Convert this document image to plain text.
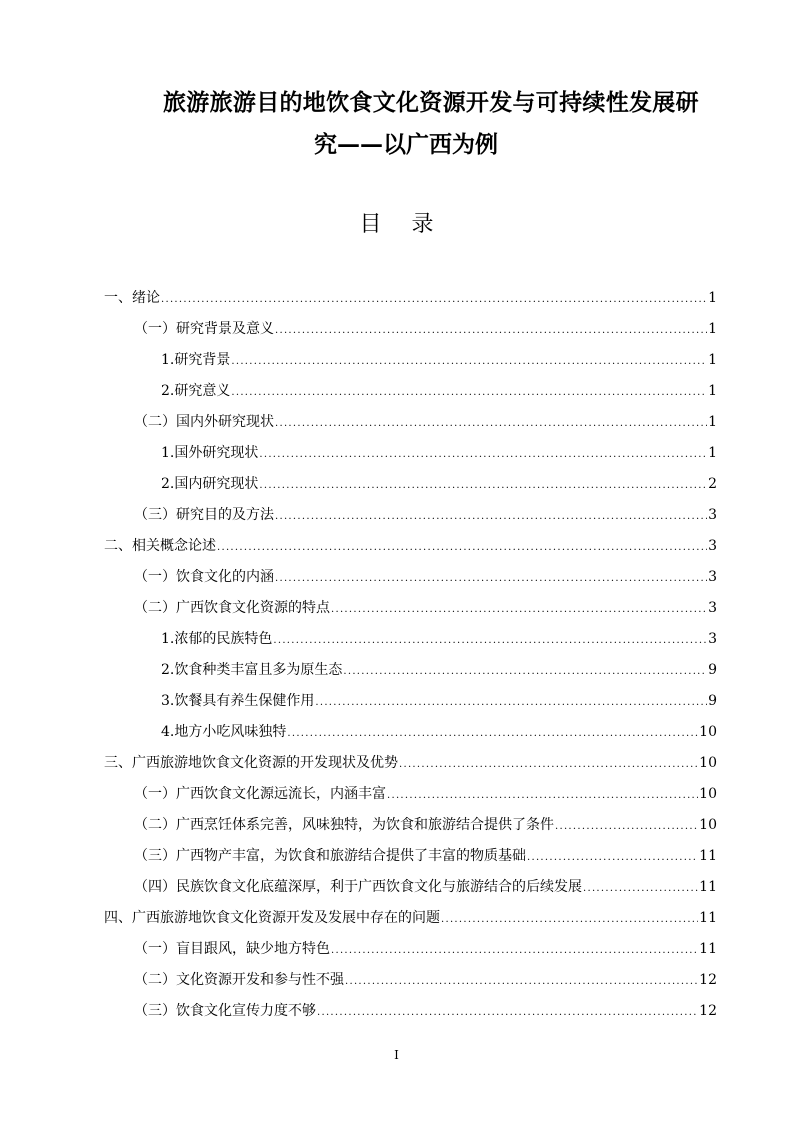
旅游旅游目的地饮食文化资源开发与可持续性发展研
究——以广西为例
目 录
一、绪论 .....	1
（一）研究背景及意义 .....	1
1.研究背景 .....	1
2.研究意义 .....	1
（二）国内外研究现状 .....	1
1.国外研究现状 .....	1
2.国内研究现状 .....	2
（三）研究目的及方法 .....	3
二、相关概念论述 .....	3
（一）饮食文化的内涵 .....	3
（二）广西饮食文化资源的特点 .....	3
1.浓郁的民族特色 .....	3
2.饮食种类丰富且多为原生态 .....	9
3.饮餐具有养生保健作用 .....	9
4.地方小吃风味独特 .....	10
三、广西旅游地饮食文化资源的开发现状及优势 .....	10
（一）广西饮食文化源远流长，内涵丰富 .....	10
（二）广西烹饪体系完善，风味独特，为饮食和旅游结合提供了条件 .....	10
（三）广西物产丰富，为饮食和旅游结合提供了丰富的物质基础 .....	11
（四）民族饮食文化底蕴深厚，利于广西饮食文化与旅游结合的后续发展 .....	11
四、广西旅游地饮食文化资源开发及发展中存在的问题 .....	11
（一）盲目跟风，缺少地方特色 .....	11
（二）文化资源开发和参与性不强 .....	12
（三）饮食文化宣传力度不够 .....	12
I
